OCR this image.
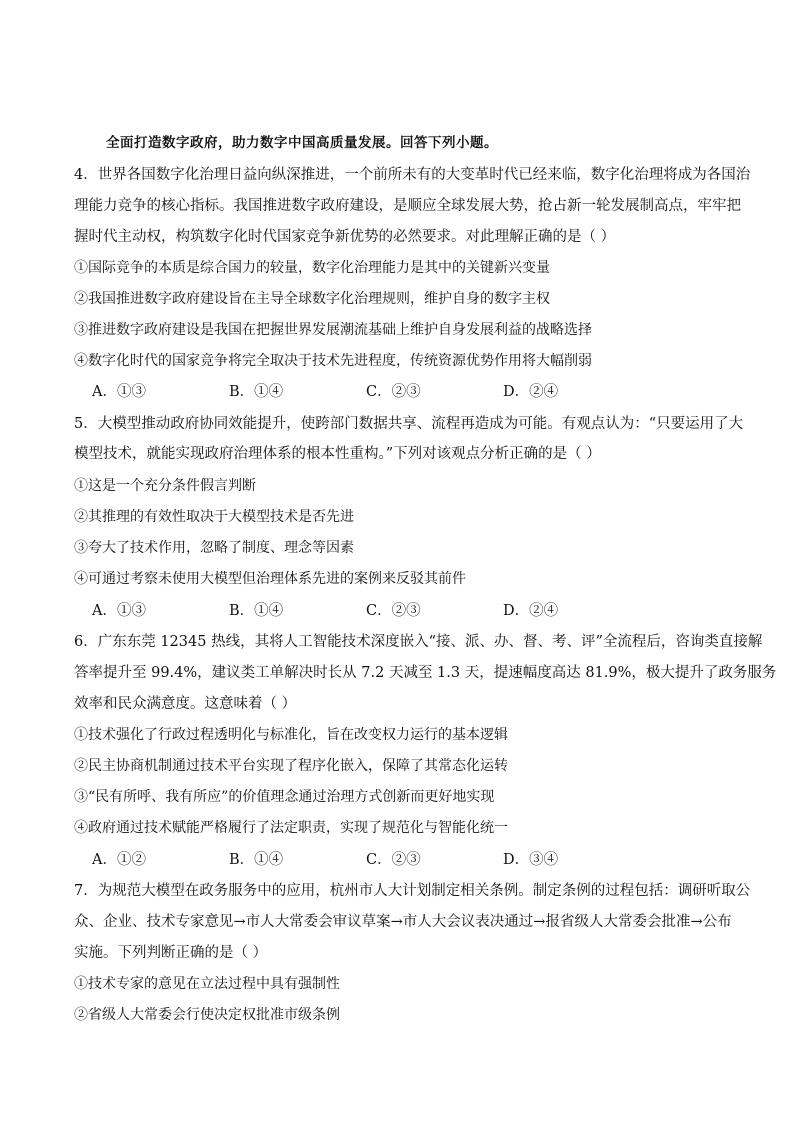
全面打造数字政府，助力数字中国高质量发展。回答下列小题。
4．世界各国数字化治理日益向纵深推进，一个前所未有的大变革时代已经来临，数字化治理将成为各国治
理能力竞争的核心指标。我国推进数字政府建设，是顺应全球发展大势，抢占新一轮发展制高点，牢牢把
握时代主动权，构筑数字化时代国家竞争新优势的必然要求。对此理解正确的是（ ）
①国际竞争的本质是综合国力的较量，数字化治理能力是其中的关键新兴变量
②我国推进数字政府建设旨在主导全球数字化治理规则，维护自身的数字主权
③推进数字政府建设是我国在把握世界发展潮流基础上维护自身发展利益的战略选择
④数字化时代的国家竞争将完全取决于技术先进程度，传统资源优势作用将大幅削弱
A．①③	B．①④	C．②③	D．②④
5．大模型推动政府协同效能提升，使跨部门数据共享、流程再造成为可能。有观点认为：“只要运用了大
模型技术，就能实现政府治理体系的根本性重构。”下列对该观点分析正确的是（ ）
①这是一个充分条件假言判断
②其推理的有效性取决于大模型技术是否先进
③夸大了技术作用，忽略了制度、理念等因素
④可通过考察未使用大模型但治理体系先进的案例来反驳其前件
A．①③	B．①④	C．②③	D．②④
6．广东东莞 12345 热线，其将人工智能技术深度嵌入“接、派、办、督、考、评”全流程后，咨询类直接解
答率提升至 99.4%，建议类工单解决时长从 7.2 天减至 1.3 天，提速幅度高达 81.9%，极大提升了政务服务
效率和民众满意度。这意味着（ ）
①技术强化了行政过程透明化与标准化，旨在改变权力运行的基本逻辑
②民主协商机制通过技术平台实现了程序化嵌入，保障了其常态化运转
③“民有所呼、我有所应”的价值理念通过治理方式创新而更好地实现
④政府通过技术赋能严格履行了法定职责，实现了规范化与智能化统一
A．①②	B．①④	C．②③	D．③④
7．为规范大模型在政务服务中的应用，杭州市人大计划制定相关条例。制定条例的过程包括：调研听取公
众、企业、技术专家意见→市人大常委会审议草案→市人大会议表决通过→报省级人大常委会批准→公布
实施。下列判断正确的是（ ）
①技术专家的意见在立法过程中具有强制性
②省级人大常委会行使决定权批准市级条例
